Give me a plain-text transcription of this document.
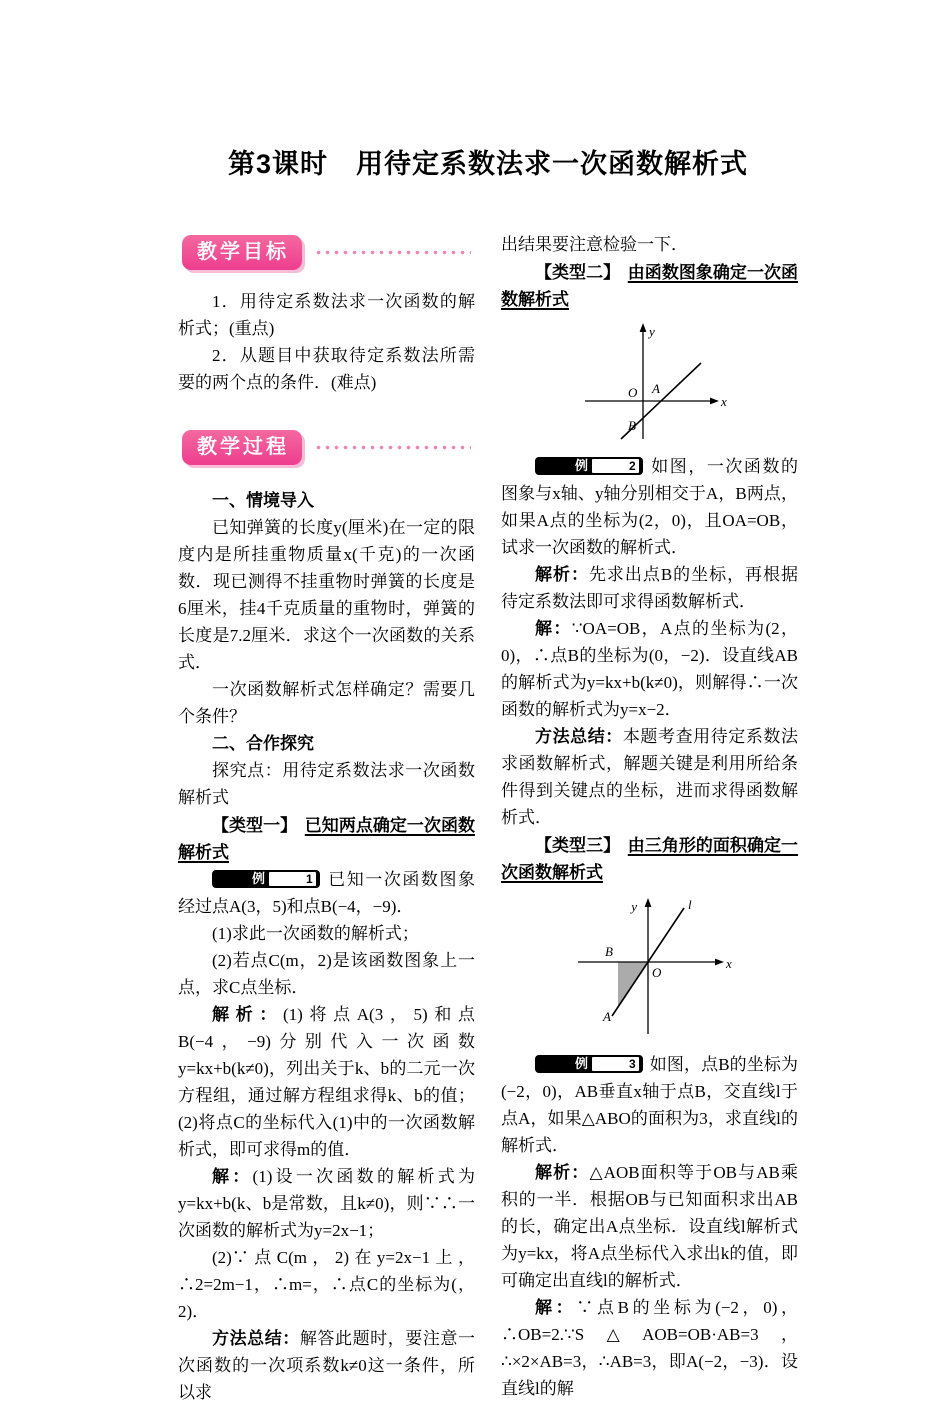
第3课时　用待定系数法求一次函数解析式
教学目标

1．用待定系数法求一次函数的解析式；(重点)

2．从题目中获取待定系数法所需要的两个点的条件．(难点)

教学过程

一、情境导入

已知弹簧的长度y(厘米)在一定的限度内是所挂重物质量x(千克)的一次函数．现已测得不挂重物时弹簧的长度是6厘米，挂4千克质量的重物时，弹簧的长度是7.2厘米．求这个一次函数的关系式．

一次函数解析式怎样确定？需要几个条件？

二、合作探究

探究点：用待定系数法求一次函数解析式

【类型一】 已知两点确定一次函数解析式

例	1 已知一次函数图象经过点A(3，5)和点B(−4，−9)．

(1)求此一次函数的解析式；

(2)若点C(m，2)是该函数图象上一点，求C点坐标．

解析：(1)将点A(3，5)和点B(−4，−9)分别代入一次函数y=kx+b(k≠0)，列出关于k、b的二元一次方程组，通过解方程组求得k、b的值；(2)将点C的坐标代入(1)中的一次函数解析式，即可求得m的值．

解：(1)设一次函数的解析式为y=kx+b(k、b是常数，且k≠0)，则∵∴一次函数的解析式为y=2x−1；

(2)∵点C(m，2)在y=2x−1上，∴2=2m−1，∴m=，∴点C的坐标为(，2)．

方法总结：解答此题时，要注意一次函数的一次项系数k≠0这一条件，所以求

出结果要注意检验一下．

【类型二】 由函数图象确定一次函数解析式

y
x
O A
B

例	2 如图，一次函数的图象与x轴、y轴分别相交于A，B两点，如果A点的坐标为(2，0)，且OA=OB，试求一次函数的解析式．

解析：先求出点B的坐标，再根据待定系数法即可求得函数解析式．

解：∵OA=OB，A点的坐标为(2，0)，∴点B的坐标为(0，−2)．设直线AB的解析式为y=kx+b(k≠0)，则解得∴一次函数的解析式为y=x−2．

方法总结：本题考查用待定系数法求函数解析式，解题关键是利用所给条件得到关键点的坐标，进而求得函数解析式．

【类型三】 由三角形的面积确定一次函数解析式

y
x
l
O
B
A

例	3 如图，点B的坐标为(−2，0)，AB垂直x轴于点B，交直线l于点A，如果△ABO的面积为3，求直线l的解析式．

解析：△AOB面积等于OB与AB乘积的一半．根据OB与已知面积求出AB的长，确定出A点坐标．设直线l解析式为y=kx，将A点坐标代入求出k的值，即可确定出直线l的解析式．

解：∵点B的坐标为(−2，0)，∴OB=2.∵S△AOB=OB·AB=3，∴×2×AB=3，∴AB=3，即A(−2，−3)．设直线l的解
